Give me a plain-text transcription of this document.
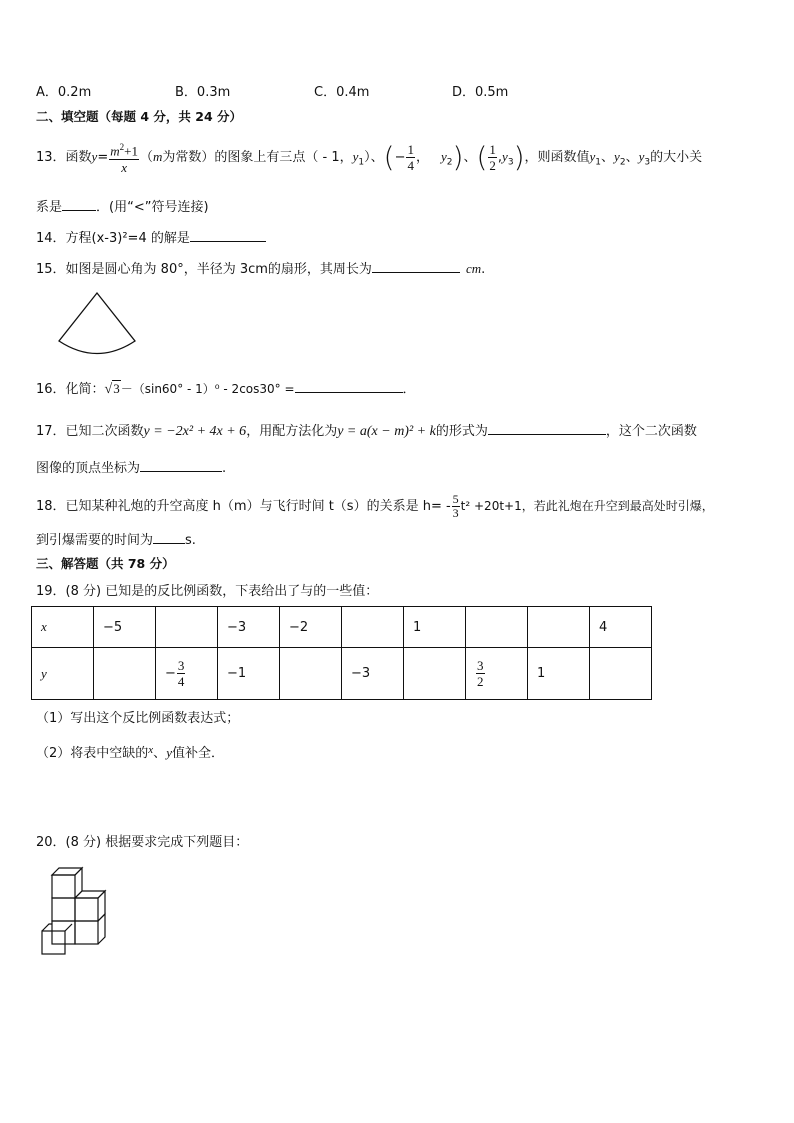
A．0.2m	B．0.3m	C．0.4m	D．0.5m
二、填空题（每题 4 分，共 24 分）
13．函数$y= \frac{m^2+1}{x} (m$为常数）的图象上有三点（ - 1，$y_1$）、(− $\frac{1}{4}$ ， $y_2$)、( $\frac{1}{2} ,y_3$)，则函数值$y_1$、$y_2$、$y_3$的大小关
系是	．(用“<”符号连接)
14．方程(x-3)²=4 的解是
15．如图是圆心角为 80°，半径为 3cm的扇形，其周长为	cm.
16．化简：√3－（sin60° - 1）⁰ - 2cos30° =	．
17．已知二次函数y = −2x² + 4x + 6，用配方法化为y = a(x − m)² + k的形式为	，这个二次函数
图像的顶点坐标为	.
18．已知某种礼炮的升空高度 h（m）与飞行时间 t（s）的关系是 $h= - \frac{5}{3} t^2 +20t+1$，若此礼炮在升空到最高处时引爆，
到引爆需要的时间为 s.
三、解答题（共 78 分）
19．(8 分) 已知是的反比例函数，下表给出了与的一些值：
x	−5		−3	−2		1			4
y		− $\frac{3}{4}$	−1		−3		$\frac{3}{2}$	1	
（1）写出这个反比例函数表达式；
（2）将表中空缺的$^x$、y值补全．
20．(8 分) 根据要求完成下列题目：
